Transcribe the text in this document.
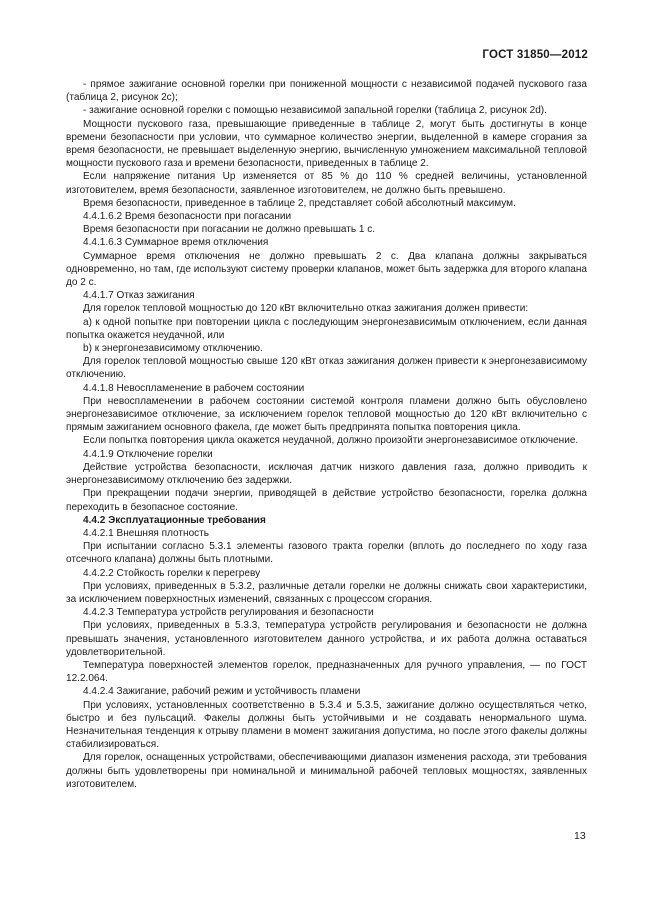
ГОСТ 31850—2012

- прямое зажигание основной горелки при пониженной мощности с независимой подачей пускового газа (таблица 2, рисунок 2с);

- зажигание основной горелки с помощью независимой запальной горелки (таблица 2, рисунок 2d).

Мощности пускового газа, превышающие приведенные в таблице 2, могут быть достигнуты в конце времени безопасности при условии, что суммарное количество энергии, выделенной в камере сгорания за время безопасности, не превышает выделенную энергию, вычисленную умножением максимальной тепловой мощности пускового газа и времени безопасности, приведенных в таблице 2.

Если напряжение питания Uр изменяется от 85 % до 110 % средней величины, установленной изготовителем, время безопасности, заявленное изготовителем, не должно быть превышено.

Время безопасности, приведенное в таблице 2, представляет собой абсолютный максимум.

4.4.1.6.2 Время безопасности при погасании

Время безопасности при погасании не должно превышать 1 с.

4.4.1.6.3 Суммарное время отключения

Суммарное время отключения не должно превышать 2 с. Два клапана должны закрываться одновременно, но там, где используют систему проверки клапанов, может быть задержка для второго клапана до 2 с.

4.4.1.7 Отказ зажигания

Для горелок тепловой мощностью до 120 кВт включительно отказ зажигания должен привести:

а) к одной попытке при повторении цикла с последующим энергонезависимым отключением, если данная попытка окажется неудачной, или

b) к энергонезависимому отключению.

Для горелок тепловой мощностью свыше 120 кВт отказ зажигания должен привести к энергонезависимому отключению.

4.4.1.8 Невоспламенение в рабочем состоянии

При невоспламенении в рабочем состоянии системой контроля пламени должно быть обусловлено энергонезависимое отключение, за исключением горелок тепловой мощностью до 120 кВт включительно с прямым зажиганием основного факела, где может быть предпринята попытка повторения цикла.

Если попытка повторения цикла окажется неудачной, должно произойти энергонезависимое отключение.

4.4.1.9 Отключение горелки

Действие устройства безопасности, исключая датчик низкого давления газа, должно приводить к энергонезависимому отключению без задержки.

При прекращении подачи энергии, приводящей в действие устройство безопасности, горелка должна переходить в безопасное состояние.

4.4.2 Эксплуатационные требования

4.4.2.1 Внешняя плотность

При испытании согласно 5.3.1 элементы газового тракта горелки (вплоть до последнего по ходу газа отсечного клапана) должны быть плотными.

4.4.2.2 Стойкость горелки к перегреву

При условиях, приведенных в 5.3.2, различные детали горелки не должны снижать свои характеристики, за исключением поверхностных изменений, связанных с процессом сгорания.

4.4.2.3 Температура устройств регулирования и безопасности

При условиях, приведенных в 5.3.3, температура устройств регулирования и безопасности не должна превышать значения, установленного изготовителем данного устройства, и их работа должна оставаться удовлетворительной.

Температура поверхностей элементов горелок, предназначенных для ручного управления, — по ГОСТ 12.2.064.

4.4.2.4 Зажигание, рабочий режим и устойчивость пламени

При условиях, установленных соответственно в 5.3.4 и 5.3.5, зажигание должно осуществляться четко, быстро и без пульсаций. Факелы должны быть устойчивыми и не создавать ненормального шума. Незначительная тенденция к отрыву пламени в момент зажигания допустима, но после этого факелы должны стабилизироваться.

Для горелок, оснащенных устройствами, обеспечивающими диапазон изменения расхода, эти требования должны быть удовлетворены при номинальной и минимальной рабочей тепловых мощностях, заявленных изготовителем.

13
